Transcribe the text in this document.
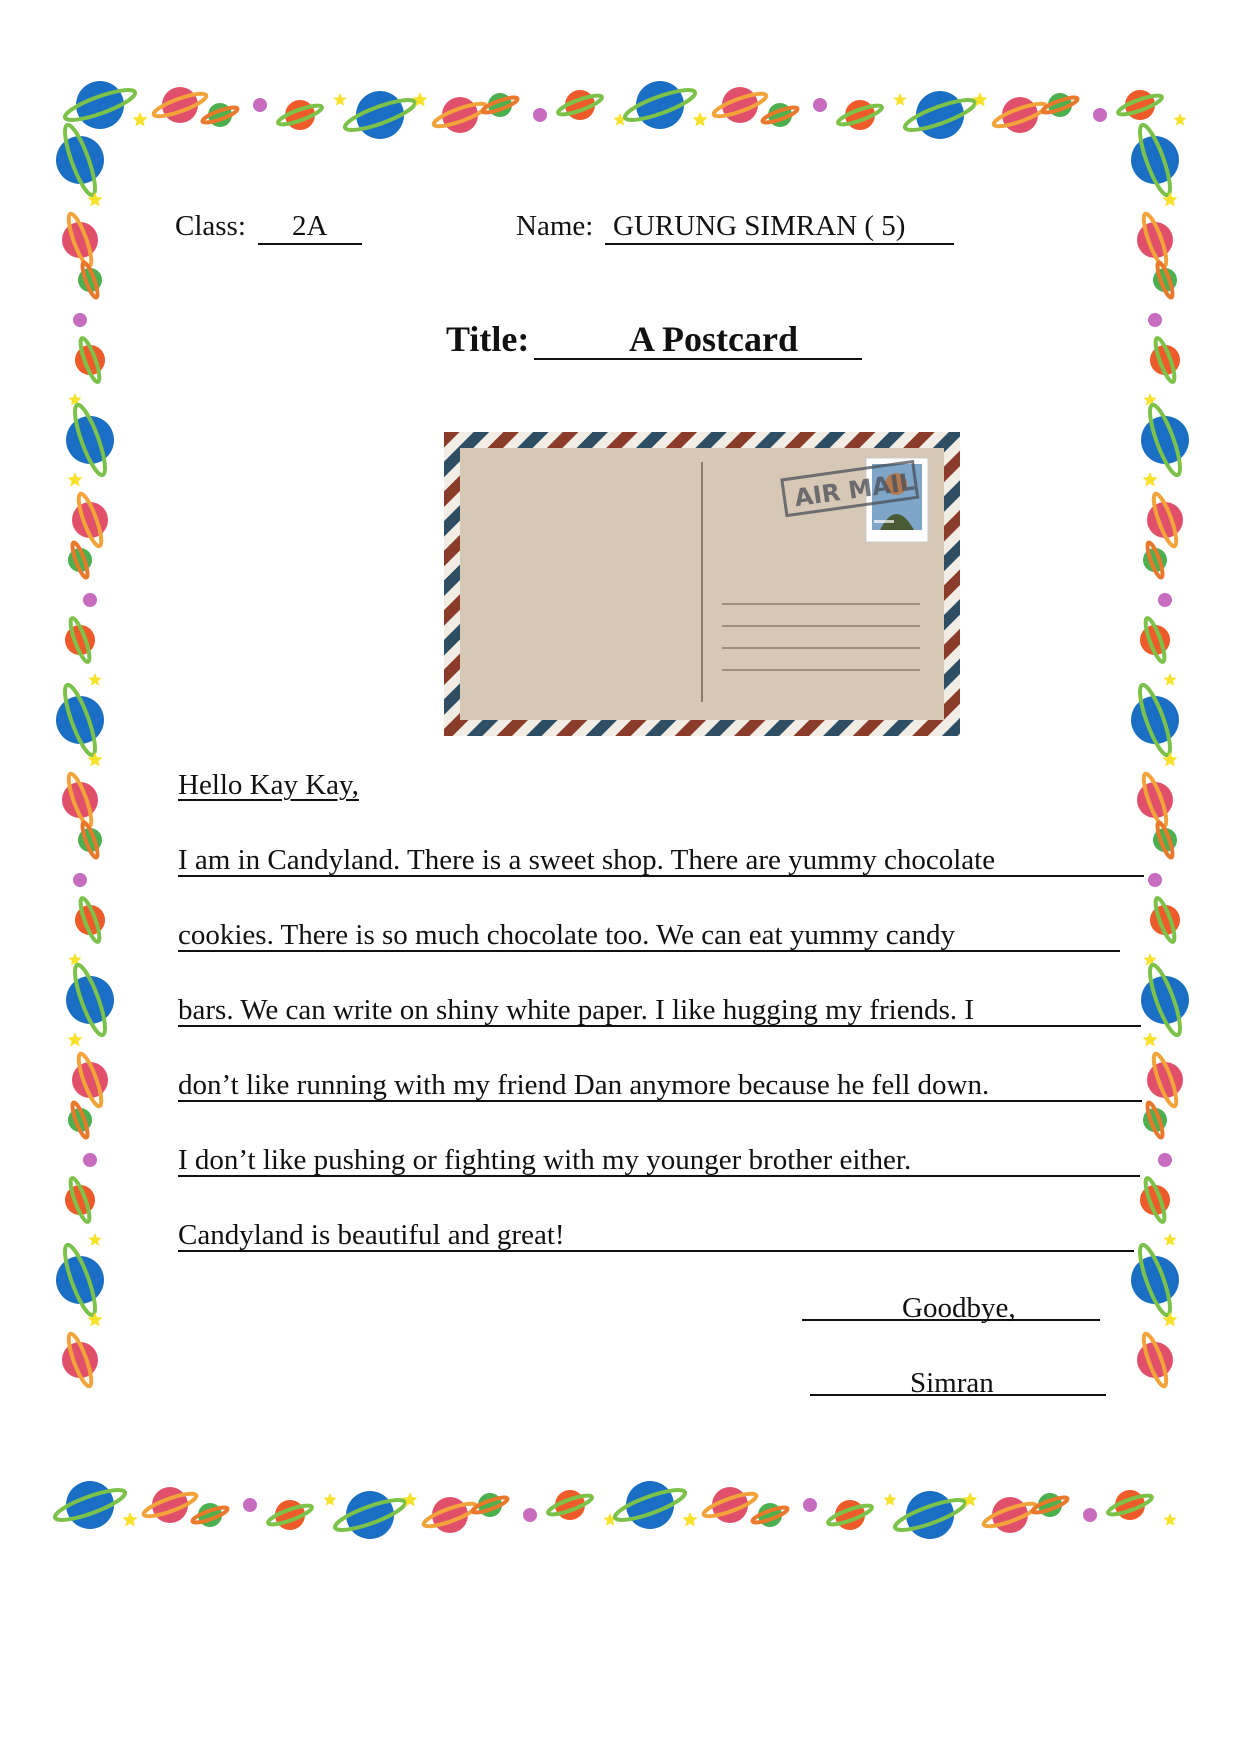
Class: 2A	Name: GURUNG SIMRAN ( 5)
Title:	A Postcard
AIR MAIL
Hello Kay Kay,
I am in Candyland. There is a sweet shop. There are yummy chocolate
cookies. There is so much chocolate too. We can eat yummy candy
bars. We can write on shiny white paper. I like hugging my friends. I
don’t like running with my friend Dan anymore because he fell down.
I don’t like pushing or fighting with my younger brother either.
Candyland is beautiful and great!
Goodbye,
Simran
